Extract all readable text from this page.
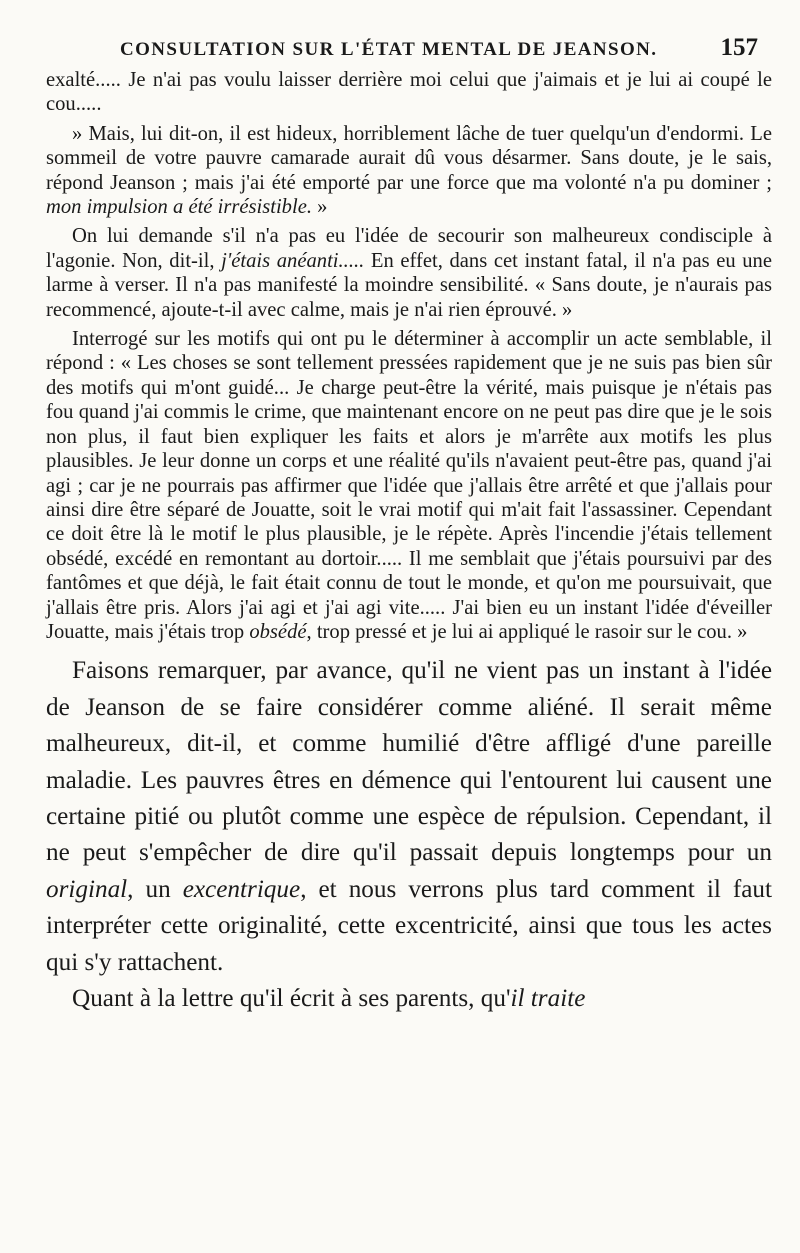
CONSULTATION SUR L'ÉTAT MENTAL DE JEANSON.	157

exalté..... Je n'ai pas voulu laisser derrière moi celui que j'aimais et je lui ai coupé le cou.....

» Mais, lui dit-on, il est hideux, horriblement lâche de tuer quelqu'un d'endormi. Le sommeil de votre pauvre camarade aurait dû vous désarmer. Sans doute, je le sais, répond Jeanson ; mais j'ai été emporté par une force que ma volonté n'a pu dominer ; mon impulsion a été irrésistible. »

On lui demande s'il n'a pas eu l'idée de secourir son malheureux condisciple à l'agonie. Non, dit-il, j'étais anéanti..... En effet, dans cet instant fatal, il n'a pas eu une larme à verser. Il n'a pas manifesté la moindre sensibilité. « Sans doute, je n'aurais pas recommencé, ajoute-t-il avec calme, mais je n'ai rien éprouvé. »

Interrogé sur les motifs qui ont pu le déterminer à accomplir un acte semblable, il répond : « Les choses se sont tellement pressées rapidement que je ne suis pas bien sûr des motifs qui m'ont guidé... Je charge peut-être la vérité, mais puisque je n'étais pas fou quand j'ai commis le crime, que maintenant encore on ne peut pas dire que je le sois non plus, il faut bien expliquer les faits et alors je m'arrête aux motifs les plus plausibles. Je leur donne un corps et une réalité qu'ils n'avaient peut-être pas, quand j'ai agi ; car je ne pourrais pas affirmer que l'idée que j'allais être arrêté et que j'allais pour ainsi dire être séparé de Jouatte, soit le vrai motif qui m'ait fait l'assassiner. Cependant ce doit être là le motif le plus plausible, je le répète. Après l'incendie j'étais tellement obsédé, excédé en remontant au dortoir..... Il me semblait que j'étais poursuivi par des fantômes et que déjà, le fait était connu de tout le monde, et qu'on me poursuivait, que j'allais être pris. Alors j'ai agi et j'ai agi vite..... J'ai bien eu un instant l'idée d'éveiller Jouatte, mais j'étais trop obsédé, trop pressé et je lui ai appliqué le rasoir sur le cou. »

Faisons remarquer, par avance, qu'il ne vient pas un instant à l'idée de Jeanson de se faire considérer comme aliéné. Il serait même malheureux, dit-il, et comme humilié d'être affligé d'une pareille maladie. Les pauvres êtres en démence qui l'entourent lui causent une certaine pitié ou plutôt comme une espèce de répulsion. Cependant, il ne peut s'empêcher de dire qu'il passait depuis longtemps pour un original, un excentrique, et nous verrons plus tard comment il faut interpréter cette originalité, cette excentricité, ainsi que tous les actes qui s'y rattachent.

Quant à la lettre qu'il écrit à ses parents, qu'il traite
